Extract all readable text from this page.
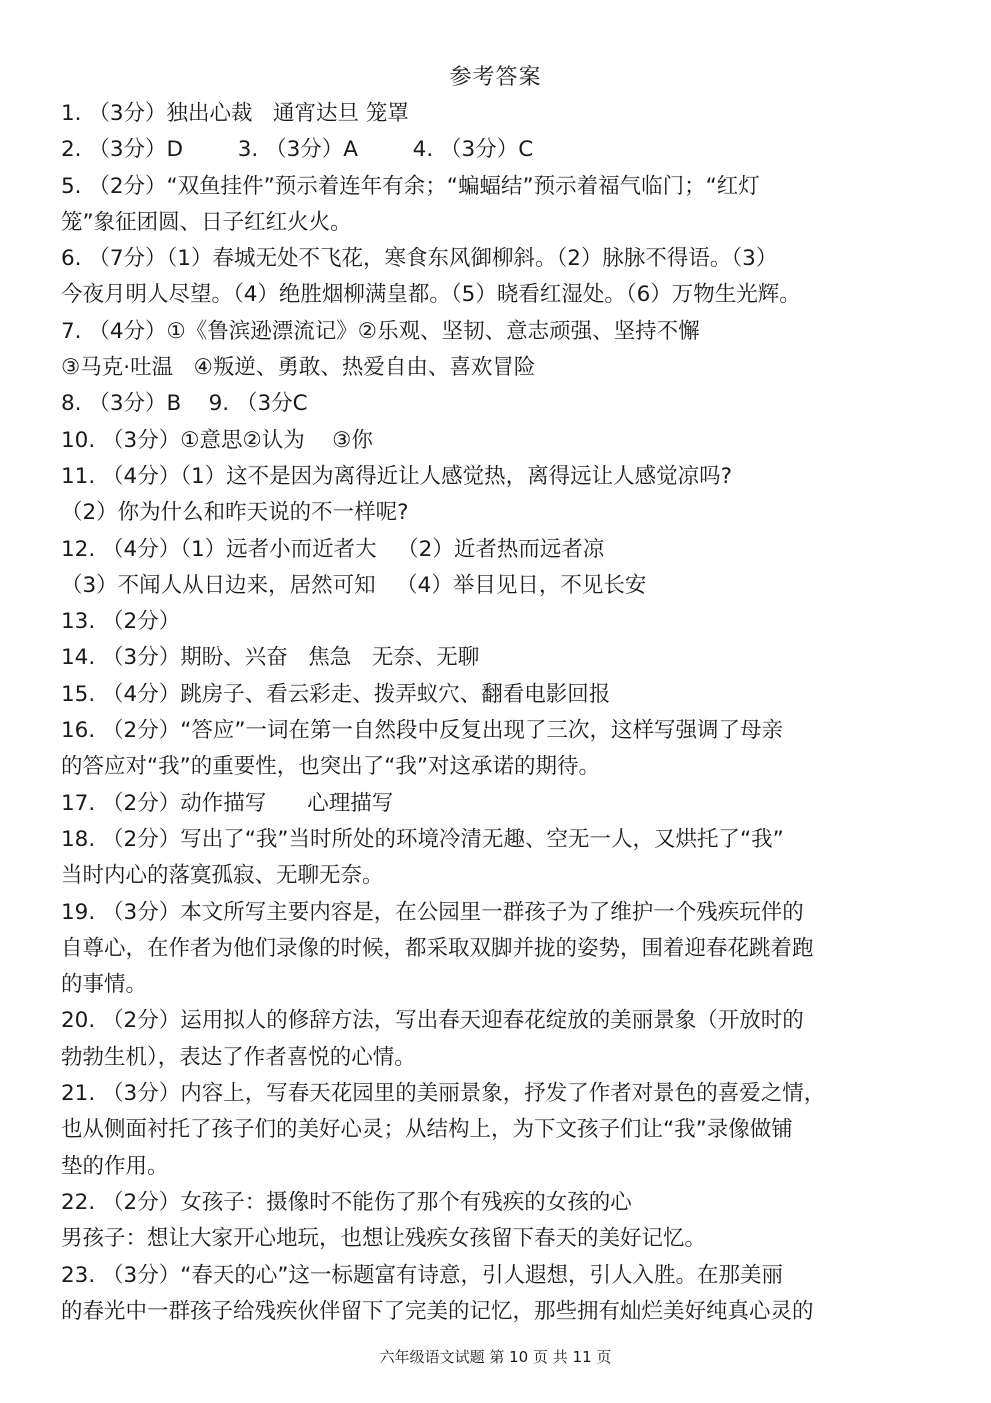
参考答案
1. （3分）独出心裁   通宵达旦 笼罩
2. （3分）D        3. （3分）A        4. （3分）C
5. （2分）“双鱼挂件”预示着连年有余；“蝙蝠结”预示着福气临门；“红灯
笼”象征团圆、日子红红火火。
6. （7分）（1）春城无处不飞花，寒食东风御柳斜。（2）脉脉不得语。（3）
今夜月明人尽望。（4）绝胜烟柳满皇都。（5）晓看红湿处。（6）万物生光辉。
7. （4分）①《鲁滨逊漂流记》②乐观、坚韧、意志顽强、坚持不懈
③马克·吐温   ④叛逆、勇敢、热爱自由、喜欢冒险
8. （3分）B    9. （3分C
10. （3分）①意思②认为    ③你
11. （4分）（1）这不是因为离得近让人感觉热，离得远让人感觉凉吗?
（2）你为什么和昨天说的不一样呢?
12. （4分）（1）远者小而近者大   （2）近者热而远者凉
（3）不闻人从日边来，居然可知   （4）举目见日，不见长安
13. （2分）
14. （3分）期盼、兴奋   焦急   无奈、无聊
15. （4分）跳房子、看云彩走、拨弄蚁穴、翻看电影回报
16. （2分）“答应”一词在第一自然段中反复出现了三次，这样写强调了母亲
的答应对“我”的重要性，也突出了“我”对这承诺的期待。
17. （2分）动作描写      心理描写
18. （2分）写出了“我”当时所处的环境冷清无趣、空无一人，又烘托了“我”
当时内心的落寞孤寂、无聊无奈。
19. （3分）本文所写主要内容是，在公园里一群孩子为了维护一个残疾玩伴的
自尊心，在作者为他们录像的时候，都采取双脚并拢的姿势，围着迎春花跳着跑
的事情。
20. （2分）运用拟人的修辞方法，写出春天迎春花绽放的美丽景象（开放时的
勃勃生机），表达了作者喜悦的心情。
21. （3分）内容上，写春天花园里的美丽景象，抒发了作者对景色的喜爱之情，
也从侧面衬托了孩子们的美好心灵；从结构上，为下文孩子们让“我”录像做铺
垫的作用。
22. （2分）女孩子：摄像时不能伤了那个有残疾的女孩的心
男孩子：想让大家开心地玩，也想让残疾女孩留下春天的美好记忆。
23. （3分）“春天的心”这一标题富有诗意，引人遐想，引人入胜。在那美丽
的春光中一群孩子给残疾伙伴留下了完美的记忆，那些拥有灿烂美好纯真心灵的
六年级语文试题 第 10 页 共 11 页
